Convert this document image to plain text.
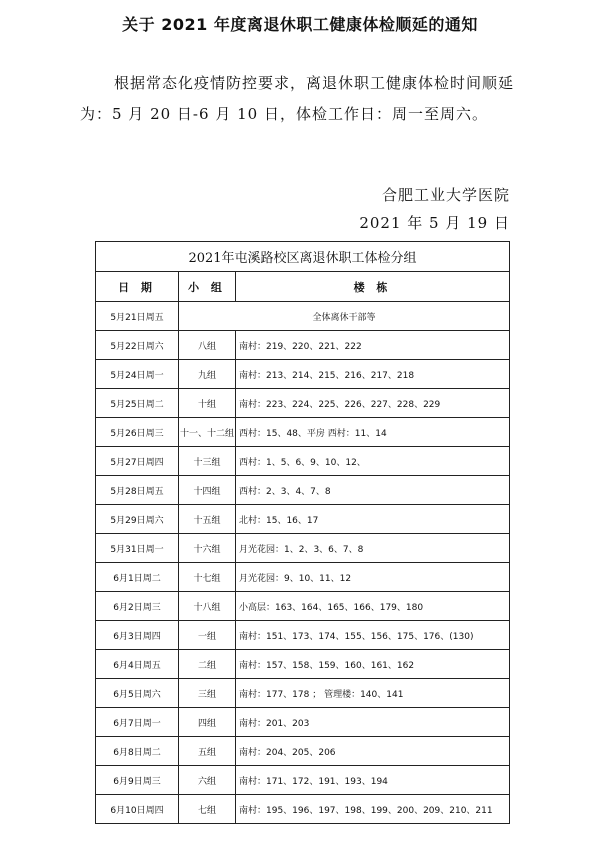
关于 2021 年度离退休职工健康体检顺延的通知
根据常态化疫情防控要求，离退休职工健康体检时间顺延为：5 月 20 日-6 月 10 日，体检工作日：周一至周六。
合肥工业大学医院
2021 年 5 月 19 日
2021年屯溪路校区离退休职工体检分组		
日 期	小 组	楼 栋
5月21日周五	全体离休干部等	
5月22日周六	八组	南村：219、220、221、222
5月24日周一	九组	南村：213、214、215、216、217、218
5月25日周二	十组	南村：223、224、225、226、227、228、229
5月26日周三	十一、十二组	西村：15、48、平房 西村：11、14
5月27日周四	十三组	西村：1、5、6、9、10、12、
5月28日周五	十四组	西村：2、3、4、7、8
5月29日周六	十五组	北村：15、16、17
5月31日周一	十六组	月光花园：1、2、3、6、7、8
6月1日周二	十七组	月光花园：9、10、11、12
6月2日周三	十八组	小高层：163、164、165、166、179、180
6月3日周四	一组	南村：151、173、174、155、156、175、176、(130)
6月4日周五	二组	南村：157、158、159、160、161、162
6月5日周六	三组	南村：177、178 ； 管理楼：140、141
6月7日周一	四组	南村：201、203
6月8日周二	五组	南村：204、205、206
6月9日周三	六组	南村：171、172、191、193、194
6月10日周四	七组	南村：195、196、197、198、199、200、209、210、211
